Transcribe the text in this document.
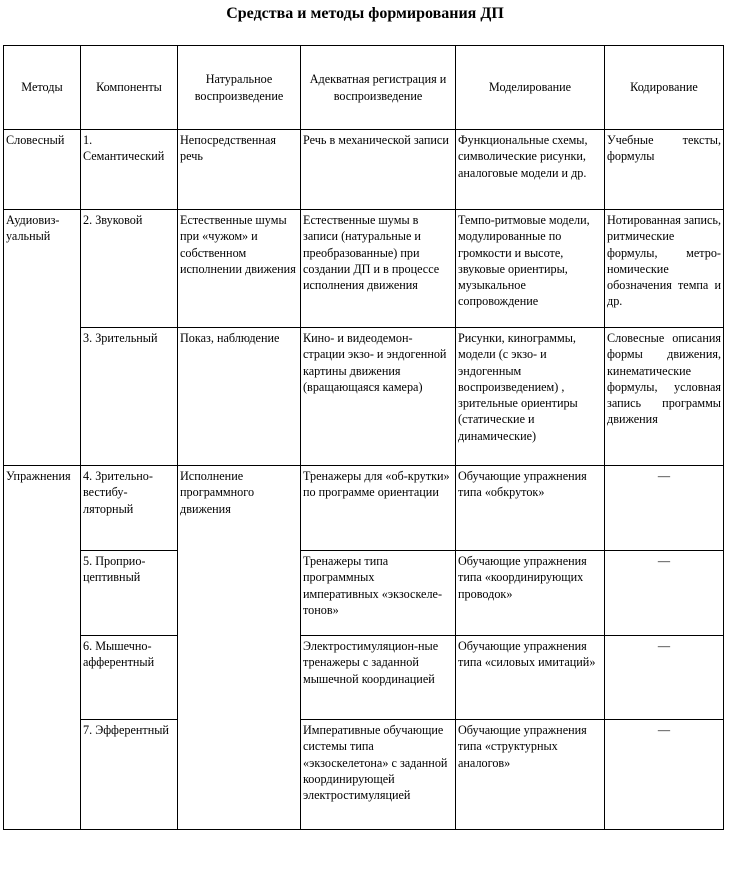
Средства и методы формирования ДП
Методы	Компоненты	Натуральное воспроизведение	Адекватная регистрация и воспроизведение	Моделирование	Кодирование
Словесный	1. Семантический	Непосредственная речь	Речь в механической записи	Функциональные схемы, символические рисунки, аналоговые модели и др.	Учебные тексты, формулы
Аудиовиз-уальный	2. Звуковой	Естественные шумы при «чужом» и собственном исполнении движения	Естественные шумы в записи (натуральные и преобразованные) при создании ДП и в процессе исполнения движения	Темпо-ритмовые модели, модулированные по громкости и высоте, звуковые ориентиры, музыкальное сопровождение	Нотированная запись, ритмические формулы, метро-номические обозначения темпа и др.
	3. Зрительный	Показ, наблюдение	Кино- и видеодемон-страции экзо- и эндогенной картины движения (вращающаяся камера)	Рисунки, кинограммы, модели (с экзо- и эндогенным воспроизведением) , зрительные ориентиры (статические и динамические)	Словесные описания формы движения, кинематические формулы, условная запись программы движения
Упражнения	4. Зрительно-вестибу-ляторный	Исполнение программного движения	Тренажеры для «об-крутки» по программе ориентации	Обучающие упражнения типа «обкруток»	—
	5. Проприо-цептивный		Тренажеры типа программных императивных «экзоскеле-тонов»	Обучающие упражнения типа «координирующих проводок»	—
	6. Мышечно-афферентный		Электростимуляцион-ные тренажеры с заданной мышечной координацией	Обучающие упражнения типа «силовых имитаций»	—
	7. Эфферентный		Императивные обучающие системы типа «экзоскелетона» с заданной координирующей электростимуляцией	Обучающие упражнения типа «структурных аналогов»	—
